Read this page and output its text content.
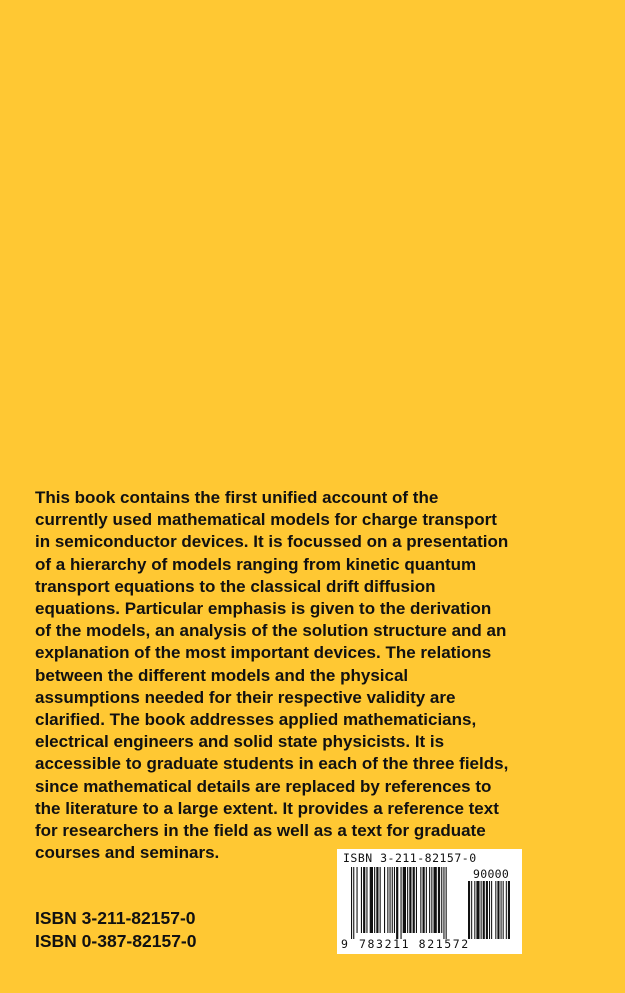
This book contains the first unified account of the
currently used mathematical models for charge transport
in semiconductor devices. It is focussed on a presentation
of a hierarchy of models ranging from kinetic quantum
transport equations to the classical drift diffusion
equations. Particular emphasis is given to the derivation
of the models, an analysis of the solution structure and an
explanation of the most important devices. The relations
between the different models and the physical
assumptions needed for their respective validity are
clarified. The book addresses applied mathematicians,
electrical engineers and solid state physicists. It is
accessible to graduate students in each of the three fields,
since mathematical details are replaced by references to
the literature to a large extent. It provides a reference text
for researchers in the field as well as a text for graduate
courses and seminars.
ISBN 3-211-82157-0
ISBN 0-387-82157-0
ISBN 3-211-82157-0
90000
9 783211 821572
